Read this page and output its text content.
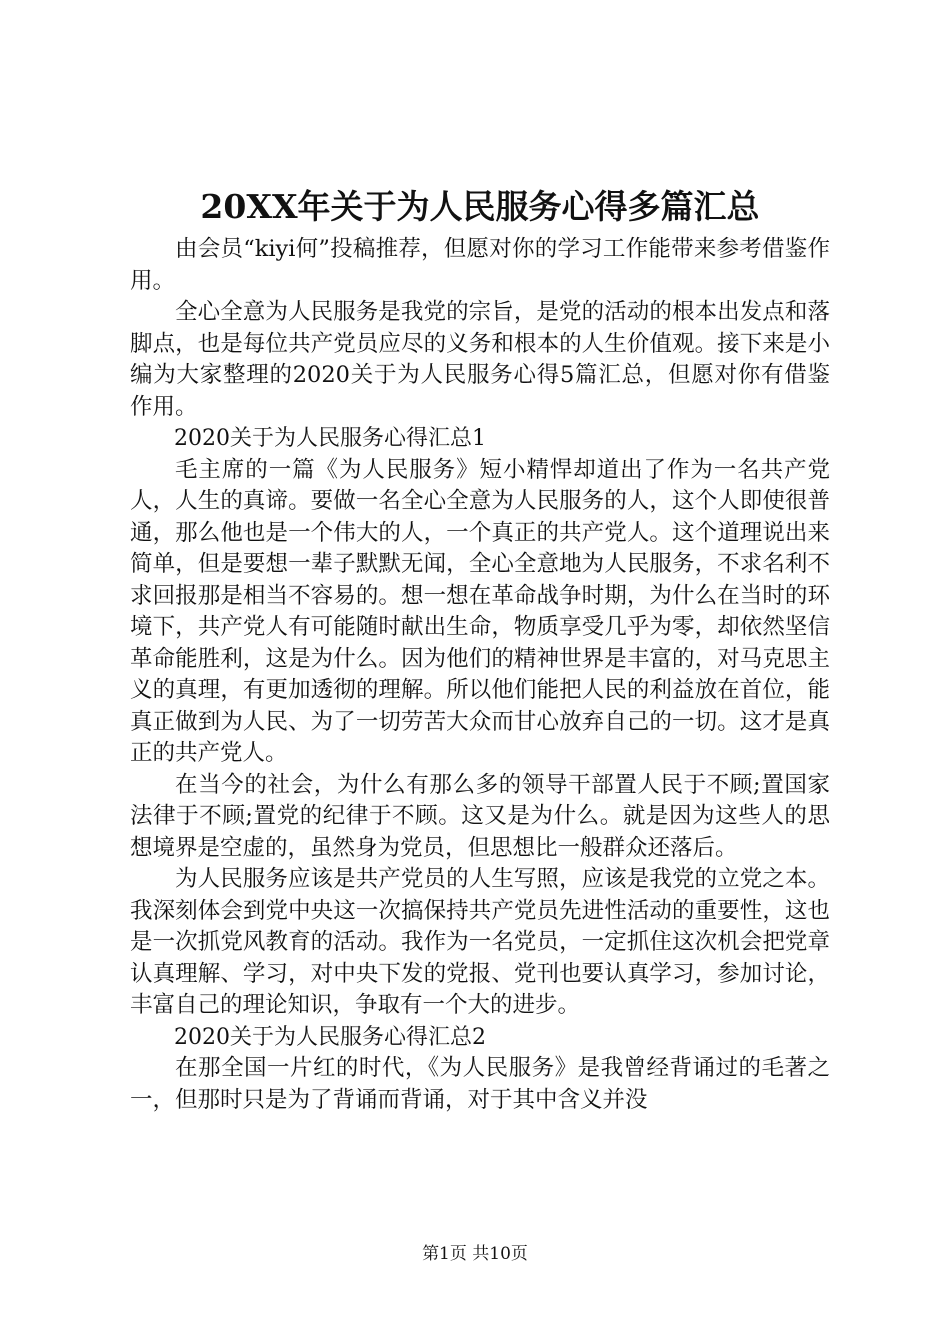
20XX年关于为人民服务心得多篇汇总

由会员“kiyi何”投稿推荐，但愿对你的学习工作能带来参考借鉴作用。

全心全意为人民服务是我党的宗旨，是党的活动的根本出发点和落脚点，也是每位共产党员应尽的义务和根本的人生价值观。接下来是小编为大家整理的2020关于为人民服务心得5篇汇总，但愿对你有借鉴作用。

2020关于为人民服务心得汇总1

毛主席的一篇《为人民服务》短小精悍却道出了作为一名共产党人，人生的真谛。要做一名全心全意为人民服务的人，这个人即使很普通，那么他也是一个伟大的人，一个真正的共产党人。这个道理说出来简单，但是要想一辈子默默无闻，全心全意地为人民服务，不求名利不求回报那是相当不容易的。想一想在革命战争时期，为什么在当时的环境下，共产党人有可能随时献出生命，物质享受几乎为零，却依然坚信革命能胜利，这是为什么。因为他们的精神世界是丰富的，对马克思主义的真理，有更加透彻的理解。所以他们能把人民的利益放在首位，能真正做到为人民、为了一切劳苦大众而甘心放弃自己的一切。这才是真正的共产党人。

在当今的社会，为什么有那么多的领导干部置人民于不顾;置国家法律于不顾;置党的纪律于不顾。这又是为什么。就是因为这些人的思想境界是空虚的，虽然身为党员，但思想比一般群众还落后。

为人民服务应该是共产党员的人生写照，应该是我党的立党之本。我深刻体会到党中央这一次搞保持共产党员先进性活动的重要性，这也是一次抓党风教育的活动。我作为一名党员，一定抓住这次机会把党章认真理解、学习，对中央下发的党报、党刊也要认真学习，参加讨论，丰富自己的理论知识，争取有一个大的进步。

2020关于为人民服务心得汇总2

在那全国一片红的时代，《为人民服务》是我曾经背诵过的毛著之一，但那时只是为了背诵而背诵，对于其中含义并没

第1页 共10页
